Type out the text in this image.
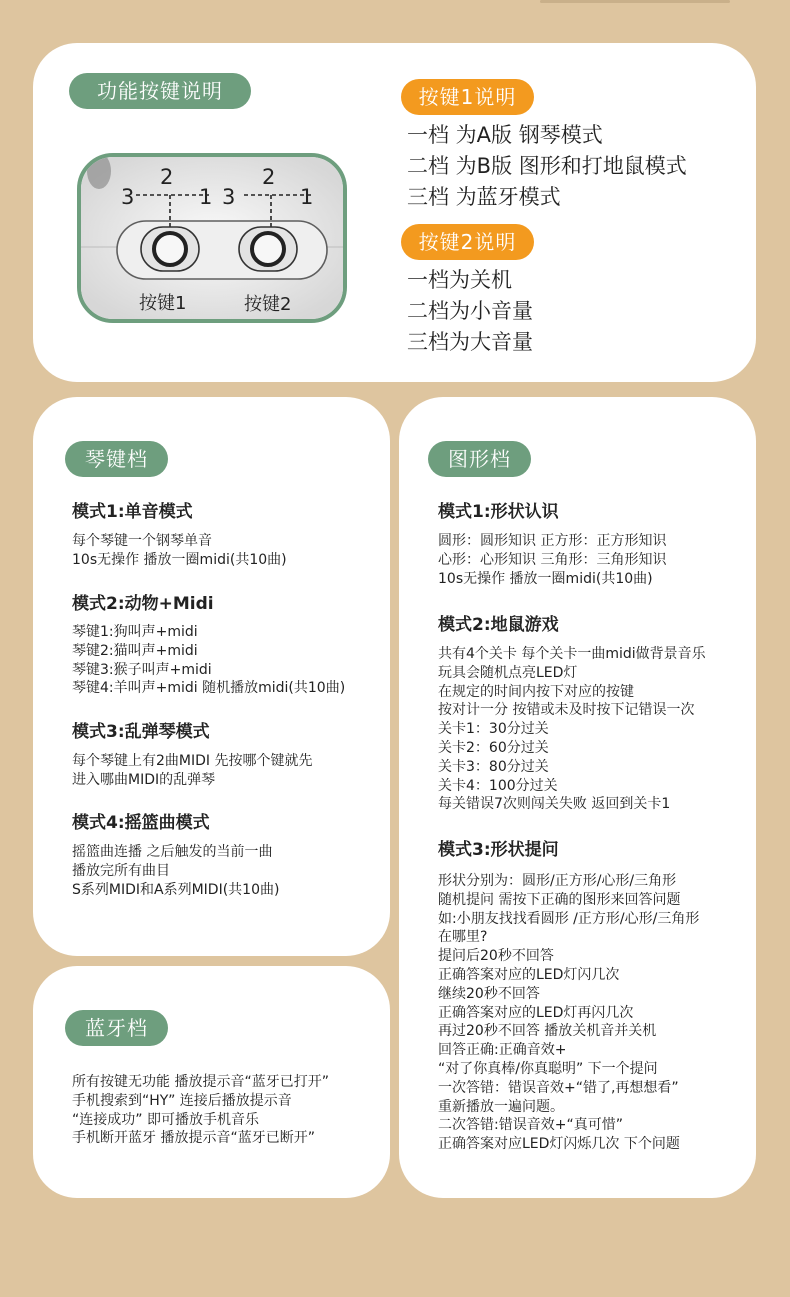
功能按键说明
2
3	1
2
3	1
按键1	按键2
按键1说明
一档 为A版 钢琴模式
二档 为B版 图形和打地鼠模式
三档 为蓝牙模式
按键2说明
一档为关机
二档为小音量
三档为大音量
琴键档
模式1:单音模式
每个琴键一个钢琴单音
10s无操作 播放一圈midi(共10曲)
模式2:动物+Midi
琴键1:狗叫声+midi
琴键2:猫叫声+midi
琴键3:猴子叫声+midi
琴键4:羊叫声+midi 随机播放midi(共10曲)
模式3:乱弹琴模式
每个琴键上有2曲MIDI 先按哪个键就先
进入哪曲MIDI的乱弹琴
模式4:摇篮曲模式
摇篮曲连播 之后触发的当前一曲
播放完所有曲目
S系列MIDI和A系列MIDI(共10曲)
蓝牙档
所有按键无功能 播放提示音“蓝牙已打开”
手机搜索到“HY” 连接后播放提示音
“连接成功” 即可播放手机音乐
手机断开蓝牙 播放提示音“蓝牙已断开”
图形档
模式1:形状认识
圆形：圆形知识 正方形：正方形知识
心形：心形知识 三角形：三角形知识
10s无操作 播放一圈midi(共10曲)
模式2:地鼠游戏
共有4个关卡 每个关卡一曲midi做背景音乐
玩具会随机点亮LED灯
在规定的时间内按下对应的按键
按对计一分 按错或未及时按下记错误一次
关卡1：30分过关
关卡2：60分过关
关卡3：80分过关
关卡4：100分过关
每关错误7次则闯关失败 返回到关卡1
模式3:形状提问
形状分别为：圆形/正方形/心形/三角形
随机提问 需按下正确的图形来回答问题
如:小朋友找找看圆形 /正方形/心形/三角形
在哪里?
提问后20秒不回答
正确答案对应的LED灯闪几次
继续20秒不回答
正确答案对应的LED灯再闪几次
再过20秒不回答 播放关机音并关机
回答正确:正确音效+
“对了你真棒/你真聪明” 下一个提问
一次答错：错误音效+“错了,再想想看”
重新播放一遍问题。
二次答错:错误音效+“真可惜”
正确答案对应LED灯闪烁几次 下个问题
